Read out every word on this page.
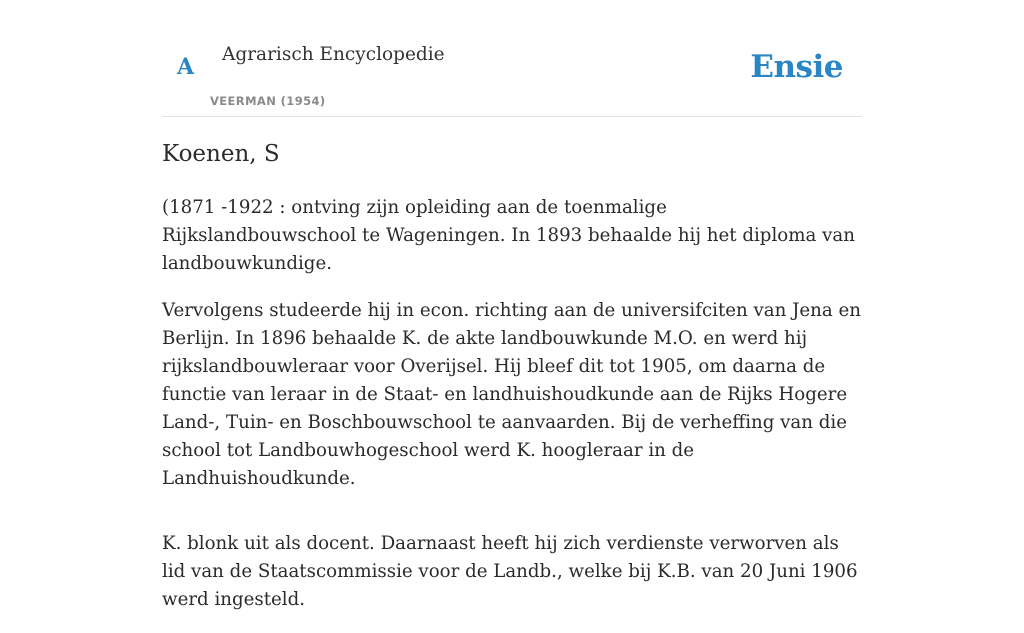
A Agrarisch Encyclopedie
VEERMAN (1954)
Ensie
Koenen, S

(1871 -1922 : ontving zijn opleiding aan de toenmalige Rijkslandbouwschool te Wageningen. In 1893 behaalde hij het diploma van landbouwkundige.

Vervolgens studeerde hij in econ. richting aan de universifciten van Jena en Berlijn. In 1896 behaalde K. de akte landbouwkunde M.O. en werd hij rijkslandbouwleraar voor Overijsel. Hij bleef dit tot 1905, om daarna de functie van leraar in de Staat- en landhuishoudkunde aan de Rijks Hogere Land-, Tuin- en Boschbouwschool te aanvaarden. Bij de verheffing van die school tot Landbouwhogeschool werd K. hoogleraar in de Landhuishoudkunde.

K. blonk uit als docent. Daarnaast heeft hij zich verdienste verworven als lid van de Staatscommissie voor de Landb., welke bij K.B. van 20 Juni 1906 werd ingesteld.
